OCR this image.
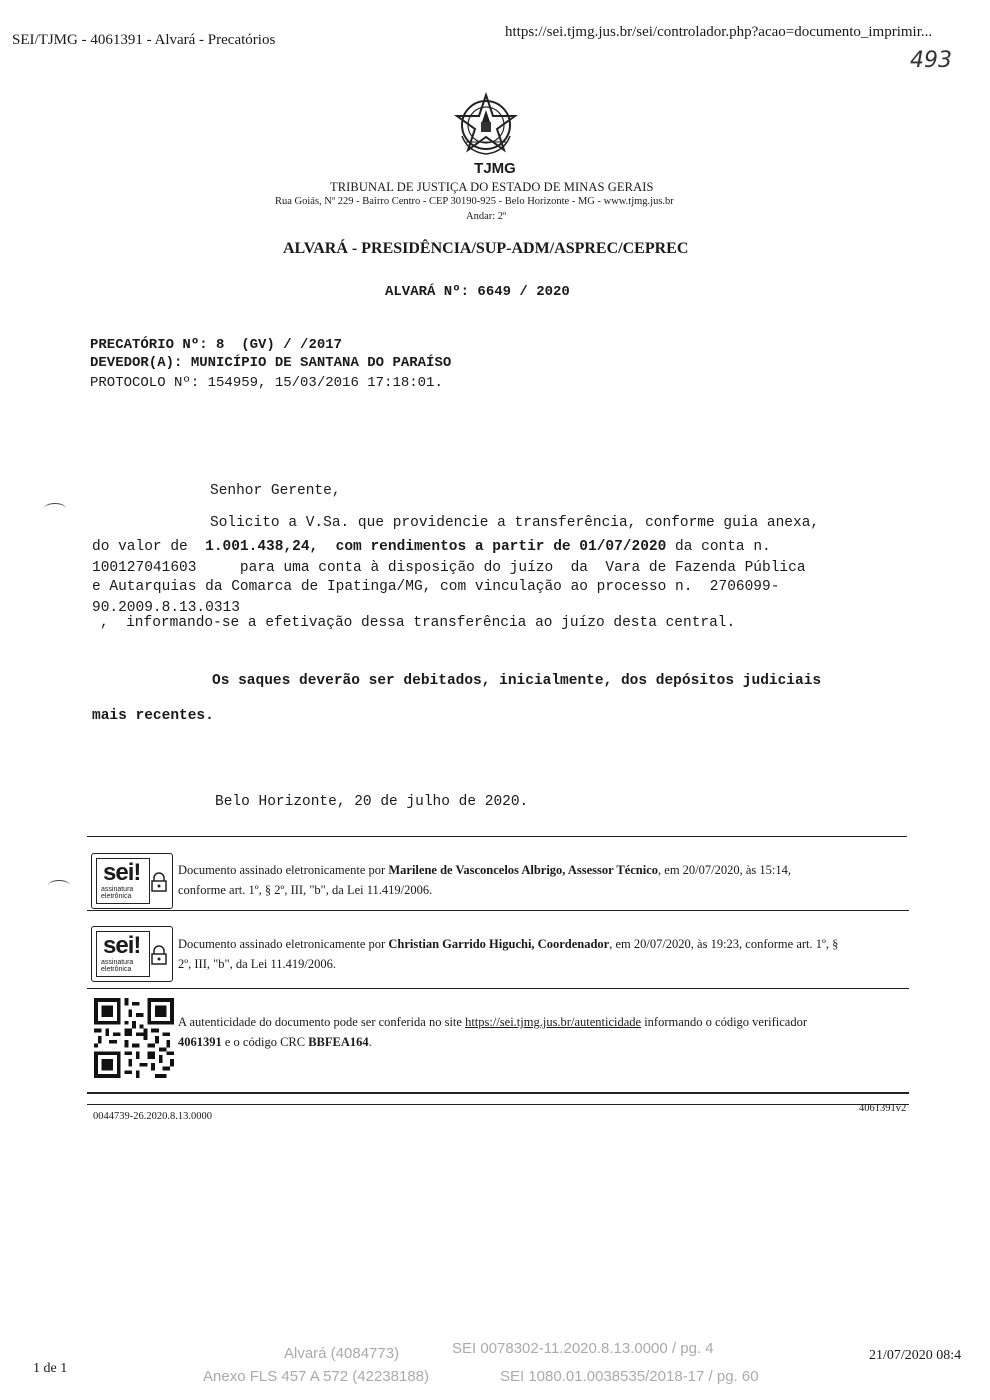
SEI/TJMG - 4061391 - Alvará - Precatórios	https://sei.tjmg.jus.br/sei/controlador.php?acao=documento_imprimir...
493
TJMG
TRIBUNAL DE JUSTIÇA DO ESTADO DE MINAS GERAIS
Rua Goiás, Nº 229 - Bairro Centro - CEP 30190-925 - Belo Horizonte - MG - www.tjmg.jus.br
Andar: 2º
ALVARÁ - PRESIDÊNCIA/SUP-ADM/ASPREC/CEPREC
ALVARÁ Nº: 6649 / 2020
PRECATÓRIO Nº: 8  (GV) / /2017
DEVEDOR(A): MUNICÍPIO DE SANTANA DO PARAÍSO
PROTOCOLO Nº: 154959, 15/03/2016 17:18:01.
Senhor Gerente,
Solicito a V.Sa. que providencie a transferência, conforme guia anexa,
do valor de  1.001.438,24,  com rendimentos a partir de 01/07/2020 da conta n.
100127041603     para uma conta à disposição do juízo  da  Vara de Fazenda Pública
e Autarquias da Comarca de Ipatinga/MG, com vinculação ao processo n.  2706099-
90.2009.8.13.0313
,  informando-se a efetivação dessa transferência ao juízo desta central.
Os saques deverão ser debitados, inicialmente, dos depósitos judiciais
mais recentes.
Belo Horizonte, 20 de julho de 2020.
sei!
assinatura
eletrônica
Documento assinado eletronicamente por Marilene de Vasconcelos Albrigo, Assessor Técnico, em 20/07/2020, às 15:14,
conforme art. 1º, § 2º, III, "b", da Lei 11.419/2006.
sei!
assinatura
eletrônica
Documento assinado eletronicamente por Christian Garrido Higuchi, Coordenador, em 20/07/2020, às 19:23, conforme art. 1º, §
2º, III, "b", da Lei 11.419/2006.
A autenticidade do documento pode ser conferida no site https://sei.tjmg.jus.br/autenticidade informando o código verificador
4061391 e o código CRC BBFEA164.
0044739-26.2020.8.13.0000
4061391v2
1 de 1
21/07/2020 08:4
Alvará (4084773)	SEI 0078302-11.2020.8.13.0000 / pg. 4
Anexo FLS 457 A 572 (42238188)	SEI 1080.01.0038535/2018-17 / pg. 60
